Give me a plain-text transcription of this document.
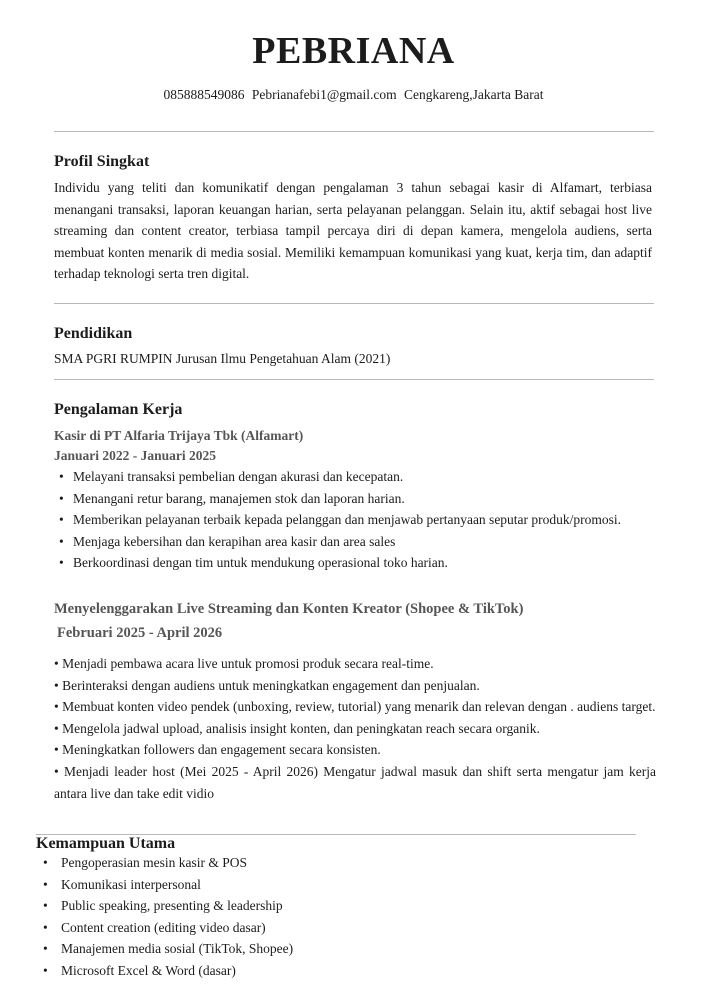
PEBRIANA
085888549086 Pebrianafebi1@gmail.com Cengkareng,Jakarta Barat
Profil Singkat

Individu yang teliti dan komunikatif dengan pengalaman 3 tahun sebagai kasir di Alfamart, terbiasa menangani transaksi, laporan keuangan harian, serta pelayanan pelanggan. Selain itu, aktif sebagai host live streaming dan content creator, terbiasa tampil percaya diri di depan kamera, mengelola audiens, serta membuat konten menarik di media sosial. Memiliki kemampuan komunikasi yang kuat, kerja tim, dan adaptif terhadap teknologi serta tren digital.

Pendidikan

SMA PGRI RUMPIN Jurusan Ilmu Pengetahuan Alam (2021)

Pengalaman Kerja
Kasir di PT Alfaria Trijaya Tbk (Alfamart)
Januari 2022 - Januari 2025
• Melayani transaksi pembelian dengan akurasi dan kecepatan.
• Menangani retur barang, manajemen stok dan laporan harian.
• Memberikan pelayanan terbaik kepada pelanggan dan menjawab pertanyaan seputar produk/promosi.
• Menjaga kebersihan dan kerapihan area kasir dan area sales
• Berkoordinasi dengan tim untuk mendukung operasional toko harian.
Menyelenggarakan Live Streaming dan Konten Kreator (Shopee & TikTok)
Februari 2025 - April 2026
• Menjadi pembawa acara live untuk promosi produk secara real-time.
• Berinteraksi dengan audiens untuk meningkatkan engagement dan penjualan.
• Membuat konten video pendek (unboxing, review, tutorial) yang menarik dan relevan dengan . audiens target.
• Mengelola jadwal upload, analisis insight konten, dan peningkatan reach secara organik.
• Meningkatkan followers dan engagement secara konsisten.
• Menjadi leader host (Mei 2025 - April 2026) Mengatur jadwal masuk dan shift serta mengatur jam kerja antara live dan take edit vidio
Kemampuan Utama
• Pengoperasian mesin kasir & POS
• Komunikasi interpersonal
• Public speaking, presenting & leadership
• Content creation (editing video dasar)
• Manajemen media sosial (TikTok, Shopee)
• Microsoft Excel & Word (dasar)
